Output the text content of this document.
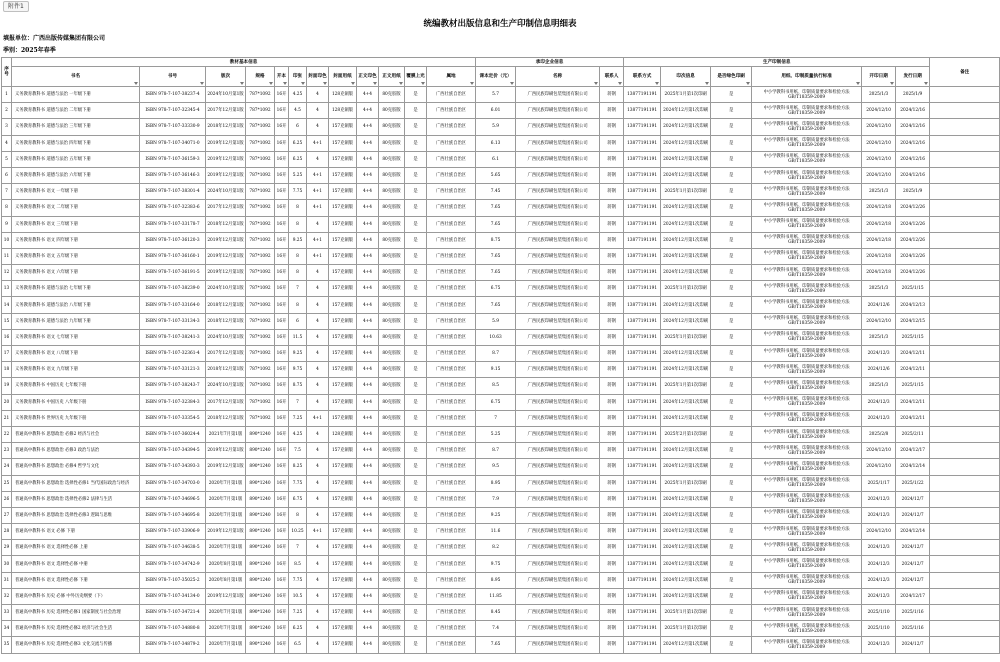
附件1
统编教材出版信息和生产印制信息明细表
填报单位：广西出版传媒集团有限公司
季别：2025年春季
序号	教材基本信息												承印企业信息			生产印制信息						备注
	书名	书号	版次	规格	开本	印张	封面印色	封面用纸	正文印色	正文用纸	覆膜上光	属地	课本定价（元）	名称	联系人	联系方式	印次信息	是否绿色印刷	用纸、印制质量执行标准	开印日期	发行日期	

1	义务教育教科书 道德与法治 一年级下册	ISBN 978-7-107-38237-4	2024年10月第1版	787*1092	16开	4.25	4	128克铜版	4+4	80克胶版	是	广西壮族自治区	5.7	广西民族印刷包装集团有限公司	蒋钢	13877191191	2025年1月第1次印刷	是	中小学教科书用纸、印制质量要求和检验方法GB/T18359-2009	2025/1/3	2025/1/9	
2	义务教育教科书 道德与法治 二年级下册	ISBN 978-7-107-32345-4	2017年12月第1版	787*1092	16开	4.5	4	128克铜版	4+4	80克胶版	是	广西壮族自治区	6.01	广西民族印刷包装集团有限公司	蒋钢	13877191191	2024年12月第1次印刷	是	中小学教科书用纸、印制质量要求和检验方法GB/T18359-2009	2024/12/10	2024/12/16	
3	义务教育教科书 道德与法治 三年级下册	ISBN 978-7-107-33330-9	2018年12月第1版	787*1092	16开	6	4	157克铜版	4+4	80克胶版	是	广西壮族自治区	5.9	广西民族印刷包装集团有限公司	蒋钢	13877191191	2024年12月第1次印刷	是	中小学教科书用纸、印制质量要求和检验方法GB/T18359-2009	2024/12/10	2024/12/16	
4	义务教育教科书 道德与法治 四年级下册	ISBN 978-7-107-34071-0	2019年12月第1版	787*1092	16开	6.25	4+1	157克铜版	4+4	80克胶版	是	广西壮族自治区	6.13	广西民族印刷包装集团有限公司	蒋钢	13877191191	2024年12月第1次印刷	是	中小学教科书用纸、印制质量要求和检验方法GB/T18359-2009	2024/12/10	2024/12/16	
5	义务教育教科书 道德与法治 五年级下册	ISBN 978-7-107-36159-3	2019年12月第1版	787*1092	16开	6.25	4	157克铜版	4+4	80克胶版	是	广西壮族自治区	6.1	广西民族印刷包装集团有限公司	蒋钢	13877191191	2024年12月第1次印刷	是	中小学教科书用纸、印制质量要求和检验方法GB/T18359-2009	2024/12/10	2024/12/16	
6	义务教育教科书 道德与法治 六年级下册	ISBN 978-7-107-36146-3	2019年12月第1版	787*1092	16开	5.25	4+1	157克铜版	4+4	80克胶版	是	广西壮族自治区	5.65	广西民族印刷包装集团有限公司	蒋钢	13877191191	2024年12月第1次印刷	是	中小学教科书用纸、印制质量要求和检验方法GB/T18359-2009	2024/12/10	2024/12/16	
7	义务教育教科书 语文 一年级下册	ISBN 978-7-107-38301-4	2024年10月第1版	787*1092	16开	7.75	4+1	157克铜版	4+4	80克胶版	是	广西壮族自治区	7.45	广西民族印刷包装集团有限公司	蒋钢	13877191191	2025年1月第1次印刷	是	中小学教科书用纸、印制质量要求和检验方法GB/T18359-2009	2025/1/3	2025/1/9	
8	义务教育教科书 语文 二年级下册	ISBN 978-7-107-32383-6	2017年12月第1版	787*1092	16开	8	4+1	157克铜版	4+4	80克胶版	是	广西壮族自治区	7.65	广西民族印刷包装集团有限公司	蒋钢	13877191191	2024年12月第1次印刷	是	中小学教科书用纸、印制质量要求和检验方法GB/T18359-2009	2024/12/18	2024/12/26	
9	义务教育教科书 语文 三年级下册	ISBN 978-7-107-33178-7	2018年12月第1版	787*1092	16开	8	4	157克铜版	4+4	80克胶版	是	广西壮族自治区	7.65	广西民族印刷包装集团有限公司	蒋钢	13877191191	2024年12月第1次印刷	是	中小学教科书用纸、印制质量要求和检验方法GB/T18359-2009	2024/12/18	2024/12/26	
10	义务教育教科书 语文 四年级下册	ISBN 978-7-107-36120-3	2019年12月第1版	787*1092	16开	9.25	4+1	157克铜版	4+4	80克胶版	是	广西壮族自治区	8.75	广西民族印刷包装集团有限公司	蒋钢	13877191191	2024年12月第1次印刷	是	中小学教科书用纸、印制质量要求和检验方法GB/T18359-2009	2024/12/18	2024/12/26	
11	义务教育教科书 语文 五年级下册	ISBN 978-7-107-36160-1	2019年12月第1版	787*1092	16开	8	4+1	157克铜版	4+4	80克胶版	是	广西壮族自治区	7.65	广西民族印刷包装集团有限公司	蒋钢	13877191191	2024年12月第1次印刷	是	中小学教科书用纸、印制质量要求和检验方法GB/T18359-2009	2024/12/18	2024/12/26	
12	义务教育教科书 语文 六年级下册	ISBN 978-7-107-36191-5	2019年12月第1版	787*1092	16开	8	4	157克铜版	4+4	80克胶版	是	广西壮族自治区	7.65	广西民族印刷包装集团有限公司	蒋钢	13877191191	2024年12月第1次印刷	是	中小学教科书用纸、印制质量要求和检验方法GB/T18359-2009	2024/12/18	2024/12/26	
13	义务教育教科书 道德与法治 七年级下册	ISBN 978-7-107-38239-0	2024年10月第1版	787*1092	16开	7	4	157克铜版	4+4	80克胶版	是	广西壮族自治区	6.75	广西民族印刷包装集团有限公司	蒋钢	13877191191	2025年1月第1次印刷	是	中小学教科书用纸、印制质量要求和检验方法GB/T18359-2009	2025/1/3	2025/1/15	
14	义务教育教科书 道德与法治 八年级下册	ISBN 978-7-107-33164-0	2018年12月第1版	787*1092	16开	8	4	157克铜版	4+4	80克胶版	是	广西壮族自治区	7.65	广西民族印刷包装集团有限公司	蒋钢	13877191191	2024年12月第1次印刷	是	中小学教科书用纸、印制质量要求和检验方法GB/T18359-2009	2024/12/6	2024/12/13	
15	义务教育教科书 道德与法治 九年级下册	ISBN 978-7-107-33134-3	2018年12月第1版	787*1092	16开	6	4	157克铜版	4+4	80克胶版	是	广西壮族自治区	5.9	广西民族印刷包装集团有限公司	蒋钢	13877191191	2024年12月第1次印刷	是	中小学教科书用纸、印制质量要求和检验方法GB/T18359-2009	2024/12/10	2024/12/15	
16	义务教育教科书 语文 七年级下册	ISBN 978-7-107-38241-3	2024年10月第1版	787*1092	16开	11.5	4	157克铜版	4+4	80克胶版	是	广西壮族自治区	10.63	广西民族印刷包装集团有限公司	蒋钢	13877191191	2025年1月第1次印刷	是	中小学教科书用纸、印制质量要求和检验方法GB/T18359-2009	2025/1/3	2025/1/15	
17	义务教育教科书 语文 八年级下册	ISBN 978-7-107-32361-4	2017年12月第1版	787*1092	16开	9.25	4	157克铜版	4+4	80克胶版	是	广西壮族自治区	8.7	广西民族印刷包装集团有限公司	蒋钢	13877191191	2024年12月第1次印刷	是	中小学教科书用纸、印制质量要求和检验方法GB/T18359-2009	2024/12/3	2024/12/11	
18	义务教育教科书 语文 九年级下册	ISBN 978-7-107-33121-3	2018年12月第1版	787*1092	16开	9.75	4	157克铜版	4+4	80克胶版	是	广西壮族自治区	9.15	广西民族印刷包装集团有限公司	蒋钢	13877191191	2024年12月第1次印刷	是	中小学教科书用纸、印制质量要求和检验方法GB/T18359-2009	2024/12/6	2024/12/11	
19	义务教育教科书 中国历史 七年级下册	ISBN 978-7-107-38243-7	2024年10月第1版	787*1092	16开	8.75	4	157克铜版	4+4	80克胶版	是	广西壮族自治区	8.5	广西民族印刷包装集团有限公司	蒋钢	13877191191	2025年1月第1次印刷	是	中小学教科书用纸、印制质量要求和检验方法GB/T18359-2009	2025/1/3	2025/1/15	
20	义务教育教科书 中国历史 八年级下册	ISBN 978-7-107-32384-3	2017年12月第1版	787*1092	16开	7	4	157克铜版	4+4	80克胶版	是	广西壮族自治区	6.75	广西民族印刷包装集团有限公司	蒋钢	13877191191	2024年12月第1次印刷	是	中小学教科书用纸、印制质量要求和检验方法GB/T18359-2009	2024/12/3	2024/12/11	
21	义务教育教科书 世界历史 九年级下册	ISBN 978-7-107-33354-5	2018年12月第1版	787*1092	16开	7.25	4+1	157克铜版	4+4	80克胶版	是	广西壮族自治区	7	广西民族印刷包装集团有限公司	蒋钢	13877191191	2024年12月第1次印刷	是	中小学教科书用纸、印制质量要求和检验方法GB/T18359-2009	2024/12/3	2024/12/11	
22	普通高中教科书 思想政治 必修2 经济与社会	ISBN 978-7-107-36024-4	2021年7月第1版	890*1240	16开	4.25	4	128克铜版	4+4	80克胶版	是	广西壮族自治区	5.25	广西民族印刷包装集团有限公司	蒋钢	13877191191	2025年2月第1次印刷	是	中小学教科书用纸、印制质量要求和检验方法GB/T18359-2009	2025/2/8	2025/2/11	
23	普通高中教科书 思想政治 必修3 政治与法治	ISBN 978-7-107-34394-5	2019年12月第1版	890*1240	16开	7.5	4	157克铜版	4+4	80克胶版	是	广西壮族自治区	8.7	广西民族印刷包装集团有限公司	蒋钢	13877191191	2024年12月第1次印刷	是	中小学教科书用纸、印制质量要求和检验方法GB/T18359-2009	2024/12/10	2024/12/17	
24	普通高中教科书 思想政治 必修4 哲学与文化	ISBN 978-7-107-34393-3	2019年12月第1版	890*1240	16开	8.25	4	157克铜版	4+4	80克胶版	是	广西壮族自治区	9.5	广西民族印刷包装集团有限公司	蒋钢	13877191191	2024年12月第1次印刷	是	中小学教科书用纸、印制质量要求和检验方法GB/T18359-2009	2024/12/10	2024/12/14	
25	普通高中教科书 思想政治 选择性必修1 当代国际政治与经济	ISBN 978-7-107-34703-0	2020年7月第1版	890*1240	16开	7.75	4	157克铜版	4+4	80克胶版	是	广西壮族自治区	8.95	广西民族印刷包装集团有限公司	蒋钢	13877191191	2025年1月第1次印刷	是	中小学教科书用纸、印制质量要求和检验方法GB/T18359-2009	2025/1/17	2025/1/22	
26	普通高中教科书 思想政治 选择性必修2 法律与生活	ISBN 978-7-107-34696-5	2020年7月第1版	890*1240	16开	6.75	4	157克铜版	4+4	80克胶版	是	广西壮族自治区	7.9	广西民族印刷包装集团有限公司	蒋钢	13877191191	2024年12月第1次印刷	是	中小学教科书用纸、印制质量要求和检验方法GB/T18359-2009	2024/12/3	2024/12/7	
27	普通高中教科书 思想政治 选择性必修3 逻辑与思维	ISBN 978-7-107-34695-8	2020年7月第1版	890*1240	16开	8	4	157克铜版	4+4	80克胶版	是	广西壮族自治区	9.25	广西民族印刷包装集团有限公司	蒋钢	13877191191	2024年12月第1次印刷	是	中小学教科书用纸、印制质量要求和检验方法GB/T18359-2009	2024/12/3	2024/12/7	
28	普通高中教科书 语文 必修 下册	ISBN 978-7-107-33906-9	2019年12月第1版	890*1240	16开	10.25	4+1	157克铜版	4+4	80克胶版	是	广西壮族自治区	11.6	广西民族印刷包装集团有限公司	蒋钢	13877191191	2024年12月第1次印刷	是	中小学教科书用纸、印制质量要求和检验方法GB/T18359-2009	2024/12/10	2024/12/14	
29	普通高中教科书 语文 选择性必修 上册	ISBN 978-7-107-34638-5	2020年7月第1版	890*1240	16开	7	4	157克铜版	4+4	80克胶版	是	广西壮族自治区	8.2	广西民族印刷包装集团有限公司	蒋钢	13877191191	2024年12月第1次印刷	是	中小学教科书用纸、印制质量要求和检验方法GB/T18359-2009	2024/12/3	2024/12/7	
30	普通高中教科书 语文 选择性必修 中册	ISBN 978-7-107-34742-9	2020年8月第1版	890*1240	16开	8.5	4	157克铜版	4+4	80克胶版	是	广西壮族自治区	9.75	广西民族印刷包装集团有限公司	蒋钢	13877191191	2024年12月第1次印刷	是	中小学教科书用纸、印制质量要求和检验方法GB/T18359-2009	2024/12/3	2024/12/7	
31	普通高中教科书 语文 选择性必修 下册	ISBN 978-7-107-35025-2	2020年8月第1版	890*1240	16开	7.75	4	157克铜版	4+4	80克胶版	是	广西壮族自治区	8.95	广西民族印刷包装集团有限公司	蒋钢	13877191191	2024年12月第1次印刷	是	中小学教科书用纸、印制质量要求和检验方法GB/T18359-2009	2024/12/3	2024/12/7	
32	普通高中教科书 历史 必修 中外历史纲要（下）	ISBN 978-7-107-34134-0	2019年12月第1版	890*1240	16开	10.5	4	157克铜版	4+4	80克胶版	是	广西壮族自治区	11.85	广西民族印刷包装集团有限公司	蒋钢	13877191191	2024年12月第1次印刷	是	中小学教科书用纸、印制质量要求和检验方法GB/T18359-2009	2024/12/3	2024/12/17	
33	普通高中教科书 历史 选择性必修1 国家制度与社会治理	ISBN 978-7-107-34721-4	2020年7月第1版	890*1240	16开	7.25	4	157克铜版	4+4	80克胶版	是	广西壮族自治区	8.45	广西民族印刷包装集团有限公司	蒋钢	13877191191	2025年1月第1次印刷	是	中小学教科书用纸、印制质量要求和检验方法GB/T18359-2009	2025/1/10	2025/1/16	
34	普通高中教科书 历史 选择性必修2 经济与社会生活	ISBN 978-7-107-34880-8	2020年7月第1版	890*1240	16开	6.25	4	157克铜版	4+4	80克胶版	是	广西壮族自治区	7.4	广西民族印刷包装集团有限公司	蒋钢	13877191191	2025年1月第1次印刷	是	中小学教科书用纸、印制质量要求和检验方法GB/T18359-2009	2025/1/10	2025/1/16	
35	普通高中教科书 历史 选择性必修3 文化交流与传播	ISBN 978-7-107-34879-2	2020年7月第1版	890*1240	16开	6.5	4	157克铜版	4+4	80克胶版	是	广西壮族自治区	7.65	广西民族印刷包装集团有限公司	蒋钢	13877191191	2024年12月第1次印刷	是	中小学教科书用纸、印制质量要求和检验方法GB/T18359-2009	2024/12/3	2024/12/7	
